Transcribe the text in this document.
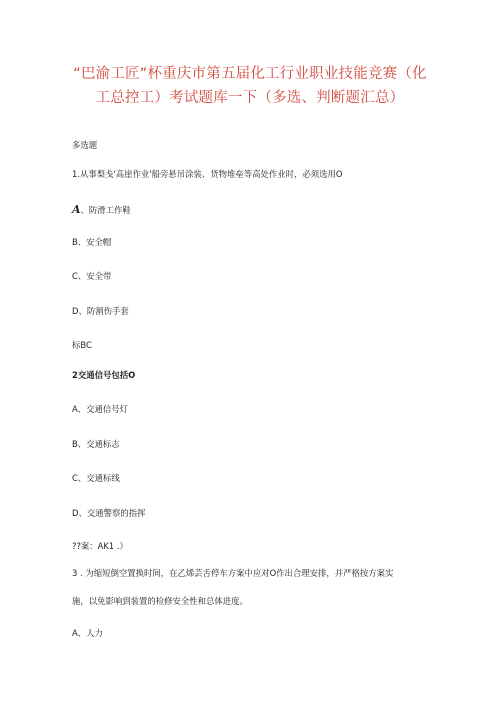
“巴渝工匠”杯重庆市第五届化工行业职业技能竞赛（化
工总控工）考试题库一下（多选、判断题汇总）
多选题
1.从事梨戋'高崖作业'船旁悬吊涂装、货物堆垒等高处作业时，必须选用O
A、防滑工作鞋
B、安全帽
C、安全带
D、防割伤手套
标BC
2交通信号包括O
A、交通信号灯
B、交通标志
C、交通标线
D、交通警察的指挥
??案：AK1 .）
3 . 为缩短倒空置换时间，在乙烯芸舌停车方案中应对O作出合理安排，并严格按方案实
施，以免影响到装置的检修安全性和总体进度。
A、人力
